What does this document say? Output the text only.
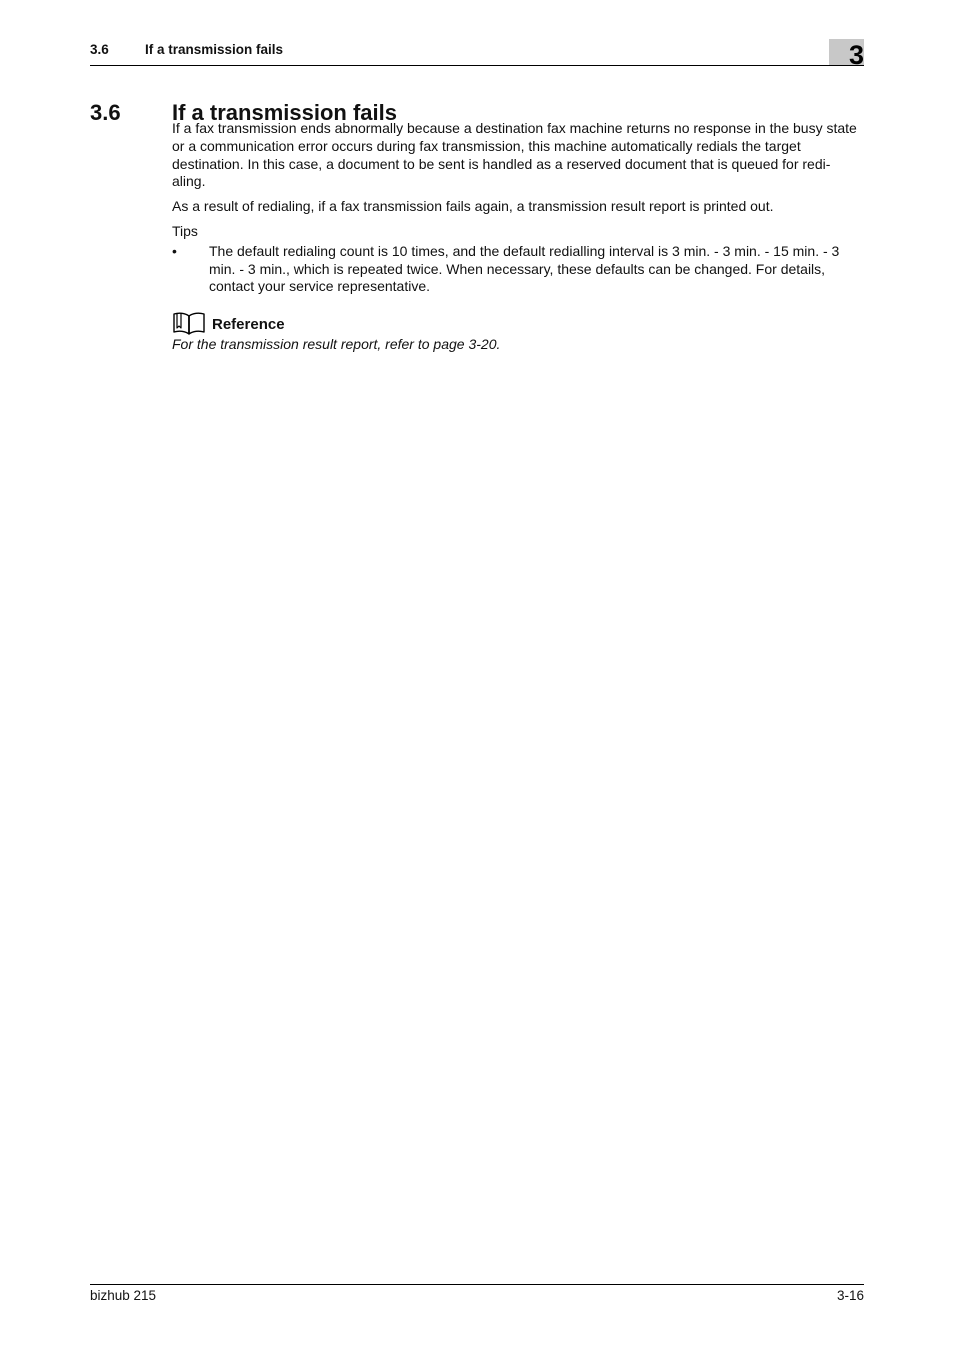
3.6	If a transmission fails	3
3.6 If a transmission fails

If a fax transmission ends abnormally because a destination fax machine returns no response in the busy state or a communication error occurs during fax transmission, this machine automatically redials the target destination. In this case, a document to be sent is handled as a reserved document that is queued for redi-aling.

As a result of redialing, if a fax transmission fails again, a transmission result report is printed out.

Tips

• The default redialing count is 10 times, and the default redialling interval is 3 min. - 3 min. - 15 min. - 3 min. - 3 min., which is repeated twice. When necessary, these defaults can be changed. For details, contact your service representative.
Reference

For the transmission result report, refer to page 3-20.

bizhub 215	3-16
